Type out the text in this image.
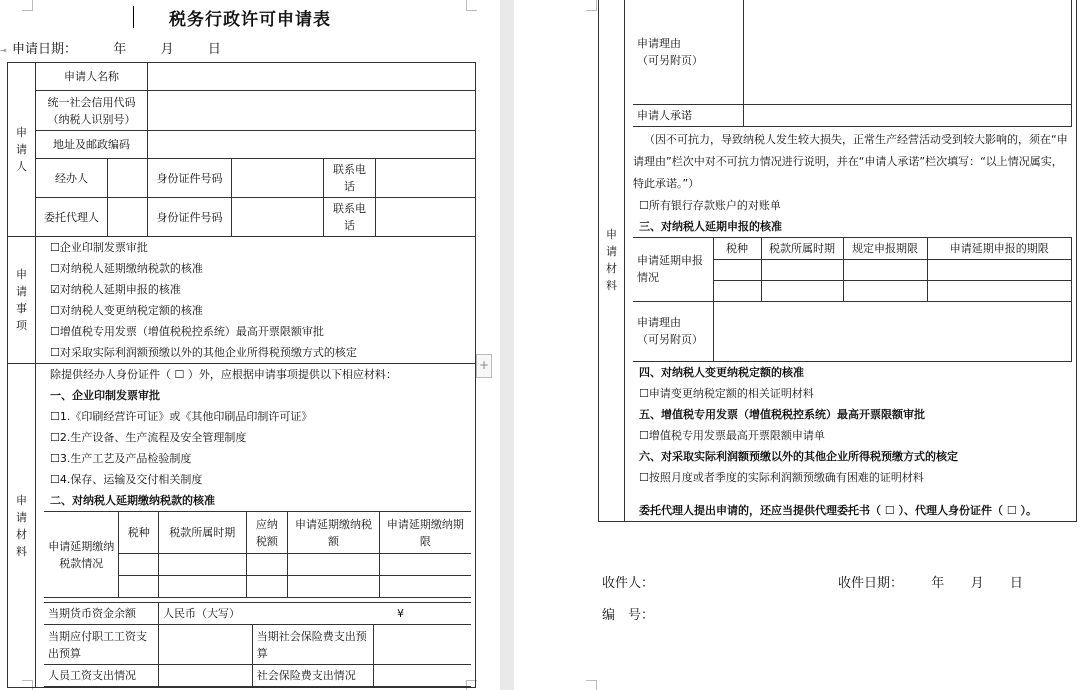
⇥
税务行政许可申请表
申请日期：	年	月	日
申请人
	申请人名称	

统一社会信用代码
（纳税人识别号）

地址及邮政编码	
经办人		身份证件号码		联系电话	
委托代理人		身份证件号码		联系电话	

申请事项

☐企业印制发票审批
☐对纳税人延期缴纳税款的核准
☑对纳税人延期申报的核准
☐对纳税人变更纳税定额的核准
☐增值税专用发票（增值税税控系统）最高开票限额审批
☐对采取实际利润额预缴以外的其他企业所得税预缴方式的核定

申请材料

除提供经办人身份证件（ ☐ ）外，应根据申请事项提供以下相应材料：
一、企业印制发票审批
☐1.《印刷经营许可证》或《其他印刷品印制许可证》
☐2.生产设备、生产流程及安全管理制度
☐3.生产工艺及产品检验制度
☐4.保存、运输及交付相关制度
二、对纳税人延期缴纳税款的核准
申请延期缴纳税款情况	税种	税款所属时期	应纳税额	申请延期缴纳税额	申请延期缴纳期限

当期货币资金余额	人民币（大写）	¥
当期应付职工工资支出预算		当期社会保险费支出预算	
人员工资支出情况		社会保险费支出情况	
+
申请材料

申请理由
（可另附页）

申请人承诺	
（因不可抗力，导致纳税人发生较大损失，正常生产经营活动受到较大影响的，须在“申请理由”栏次中对不可抗力情况进行说明，并在“申请人承诺”栏次填写：“以上情况属实，特此承诺。”）
☐所有银行存款账户的对账单
三、对纳税人延期申报的核准
申请延期申报情况	税种	税款所属时期	规定申报期限	申请延期申报的期限

申请理由
（可另附页）

四、对纳税人变更纳税定额的核准
☐申请变更纳税定额的相关证明材料
五、增值税专用发票（增值税税控系统）最高开票限额审批
☐增值税专用发票最高开票限额申请单
六、对采取实际利润额预缴以外的其他企业所得税预缴方式的核定
☐按照月度或者季度的实际利润额预缴确有困难的证明材料
委托代理人提出申请的，还应当提供代理委托书（ ☐ ）、代理人身份证件（ ☐ ）。
收件人：	收件日期： 年 月 日
编　号：
